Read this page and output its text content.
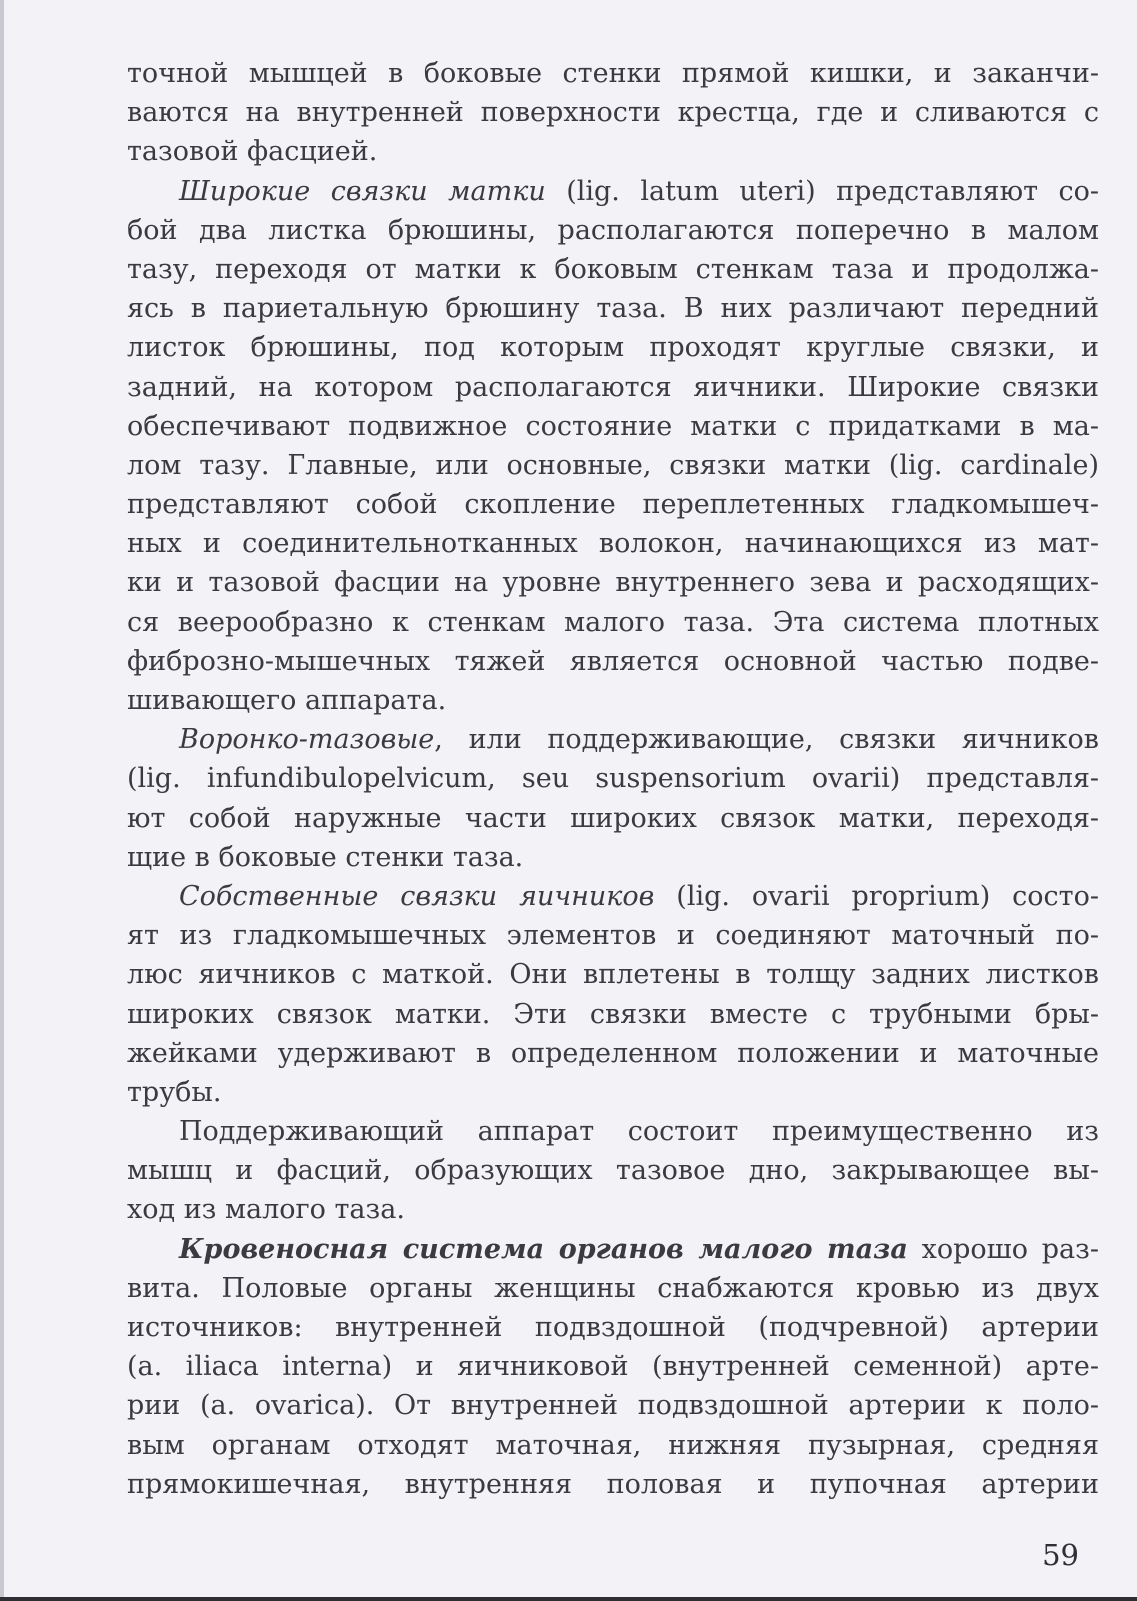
точной мышцей в боковые стенки прямой кишки, и заканчи-
ваются на внутренней поверхности крестца, где и сливаются с
тазовой фасцией.
Широкие связки матки (lig. latum uteri) представляют со-
бой два листка брюшины, располагаются поперечно в малом
тазу, переходя от матки к боковым стенкам таза и продолжа-
ясь в париетальную брюшину таза. В них различают передний
листок брюшины, под которым проходят круглые связки, и
задний, на котором располагаются яичники. Широкие связки
обеспечивают подвижное состояние матки с придатками в ма-
лом тазу. Главные, или основные, связки матки (lig. cardinale)
представляют собой скопление переплетенных гладкомышеч-
ных и соединительнотканных волокон, начинающихся из мат-
ки и тазовой фасции на уровне внутреннего зева и расходящих-
ся веерообразно к стенкам малого таза. Эта система плотных
фиброзно-мышечных тяжей является основной частью подве-
шивающего аппарата.
Воронко-тазовые, или поддерживающие, связки яичников
(lig. infundibulopelvicum, seu suspensorium ovarii) представля-
ют собой наружные части широких связок матки, переходя-
щие в боковые стенки таза.
Собственные связки яичников (lig. ovarii proprium) состо-
ят из гладкомышечных элементов и соединяют маточный по-
люс яичников с маткой. Они вплетены в толщу задних листков
широких связок матки. Эти связки вместе с трубными бры-
жейками удерживают в определенном положении и маточные
трубы.
Поддерживающий аппарат состоит преимущественно из
мышц и фасций, образующих тазовое дно, закрывающее вы-
ход из малого таза.
Кровеносная система органов малого таза хорошо раз-
вита. Половые органы женщины снабжаются кровью из двух
источников: внутренней подвздошной (подчревной) артерии
(a. iliaca interna) и яичниковой (внутренней семенной) арте-
рии (a. ovarica). От внутренней подвздошной артерии к поло-
вым органам отходят маточная, нижняя пузырная, средняя
прямокишечная, внутренняя половая и пупочная артерии
59
